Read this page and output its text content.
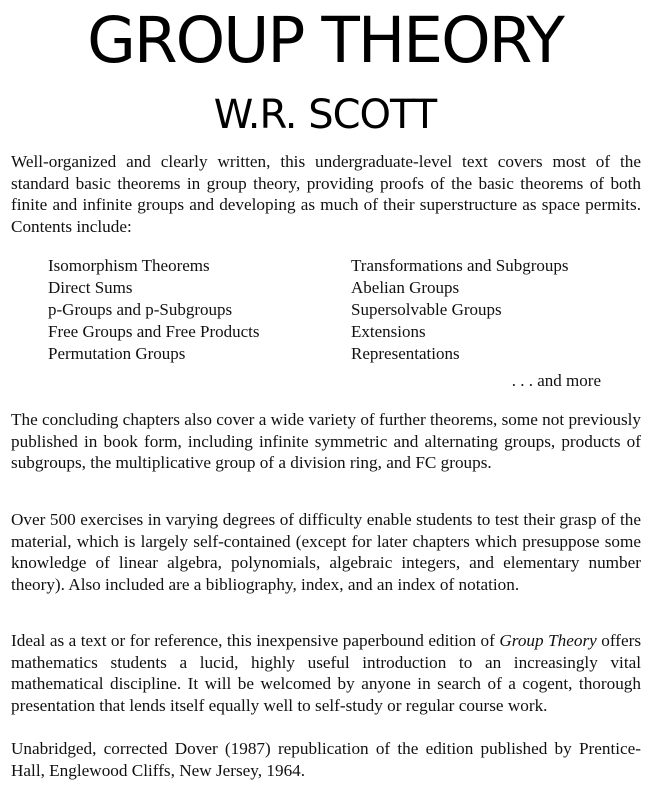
GROUP THEORY
W.R. SCOTT

Well-organized and clearly written, this undergraduate-level text covers most of the standard basic theorems in group theory, providing proofs of the basic theorems of both finite and infinite groups and developing as much of their superstructure as space permits. Contents include:

Isomorphism Theorems
Direct Sums
p-Groups and p-Subgroups
Free Groups and Free Products
Permutation Groups
Transformations and Subgroups
Abelian Groups
Supersolvable Groups
Extensions
Representations
. . . and more

The concluding chapters also cover a wide variety of further theorems, some not previously published in book form, including infinite symmetric and alternating groups, products of subgroups, the multiplicative group of a division ring, and FC groups.

Over 500 exercises in varying degrees of difficulty enable students to test their grasp of the material, which is largely self-contained (except for later chapters which presuppose some knowledge of linear algebra, polynomials, algebraic integers, and elementary number theory). Also included are a bibliography, index, and an index of notation.

Ideal as a text or for reference, this inexpensive paperbound edition of Group Theory offers mathematics students a lucid, highly useful introduction to an increasingly vital mathematical discipline. It will be welcomed by anyone in search of a cogent, thorough presentation that lends itself equally well to self-study or regular course work.

Unabridged, corrected Dover (1987) republication of the edition published by Prentice-Hall, Englewood Cliffs, New Jersey, 1964.
